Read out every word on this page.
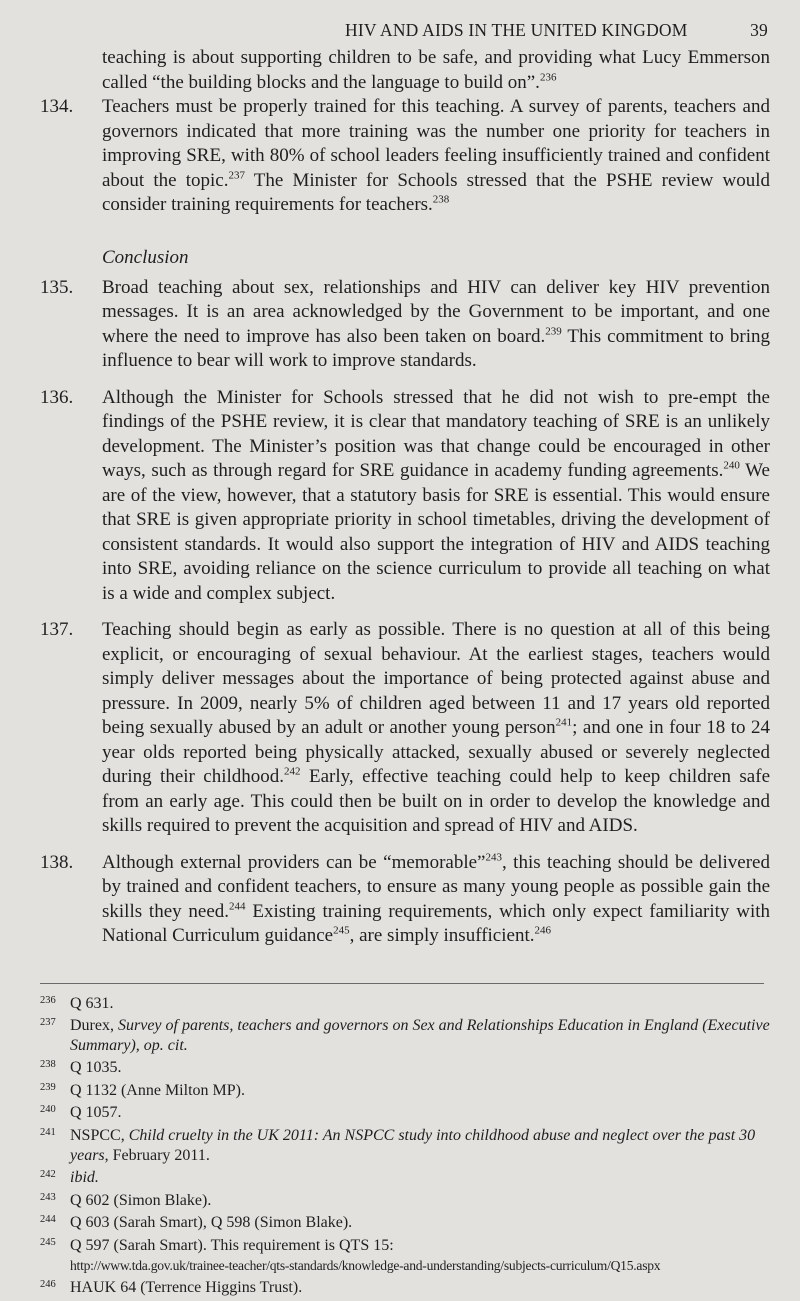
HIV AND AIDS IN THE UNITED KINGDOM	39

teaching is about supporting children to be safe, and providing what Lucy Emmerson called “the building blocks and the language to build on”.$^{236}$

134. Teachers must be properly trained for this teaching. A survey of parents, teachers and governors indicated that more training was the number one priority for teachers in improving SRE, with 80% of school leaders feeling insufficiently trained and confident about the topic.$^{237}$ The Minister for Schools stressed that the PSHE review would consider training requirements for teachers.$^{238}$

Conclusion

135. Broad teaching about sex, relationships and HIV can deliver key HIV prevention messages. It is an area acknowledged by the Government to be important, and one where the need to improve has also been taken on board.$^{239}$ This commitment to bring influence to bear will work to improve standards.

136. Although the Minister for Schools stressed that he did not wish to pre-empt the findings of the PSHE review, it is clear that mandatory teaching of SRE is an unlikely development. The Minister’s position was that change could be encouraged in other ways, such as through regard for SRE guidance in academy funding agreements.$^{240}$ We are of the view, however, that a statutory basis for SRE is essential. This would ensure that SRE is given appropriate priority in school timetables, driving the development of consistent standards. It would also support the integration of HIV and AIDS teaching into SRE, avoiding reliance on the science curriculum to provide all teaching on what is a wide and complex subject.

137. Teaching should begin as early as possible. There is no question at all of this being explicit, or encouraging of sexual behaviour. At the earliest stages, teachers would simply deliver messages about the importance of being protected against abuse and pressure. In 2009, nearly 5% of children aged between 11 and 17 years old reported being sexually abused by an adult or another young person$^{241}$; and one in four 18 to 24 year olds reported being physically attacked, sexually abused or severely neglected during their childhood.$^{242}$ Early, effective teaching could help to keep children safe from an early age. This could then be built on in order to develop the knowledge and skills required to prevent the acquisition and spread of HIV and AIDS.

138. Although external providers can be “memorable”$^{243}$, this teaching should be delivered by trained and confident teachers, to ensure as many young people as possible gain the skills they need.$^{244}$ Existing training requirements, which only expect familiarity with National Curriculum guidance$^{245}$, are simply insufficient.$^{246}$

236 Q 631.
237 Durex, Survey of parents, teachers and governors on Sex and Relationships Education in England (Executive Summary), op. cit.
238 Q 1035.
239 Q 1132 (Anne Milton MP).
240 Q 1057.
241 NSPCC, Child cruelty in the UK 2011: An NSPCC study into childhood abuse and neglect over the past 30 years, February 2011.
242 ibid.
243 Q 602 (Simon Blake).
244 Q 603 (Sarah Smart), Q 598 (Simon Blake).
245 Q 597 (Sarah Smart). This requirement is QTS 15:
http://www.tda.gov.uk/trainee-teacher/qts-standards/knowledge-and-understanding/subjects-curriculum/Q15.aspx
246 HAUK 64 (Terrence Higgins Trust).
